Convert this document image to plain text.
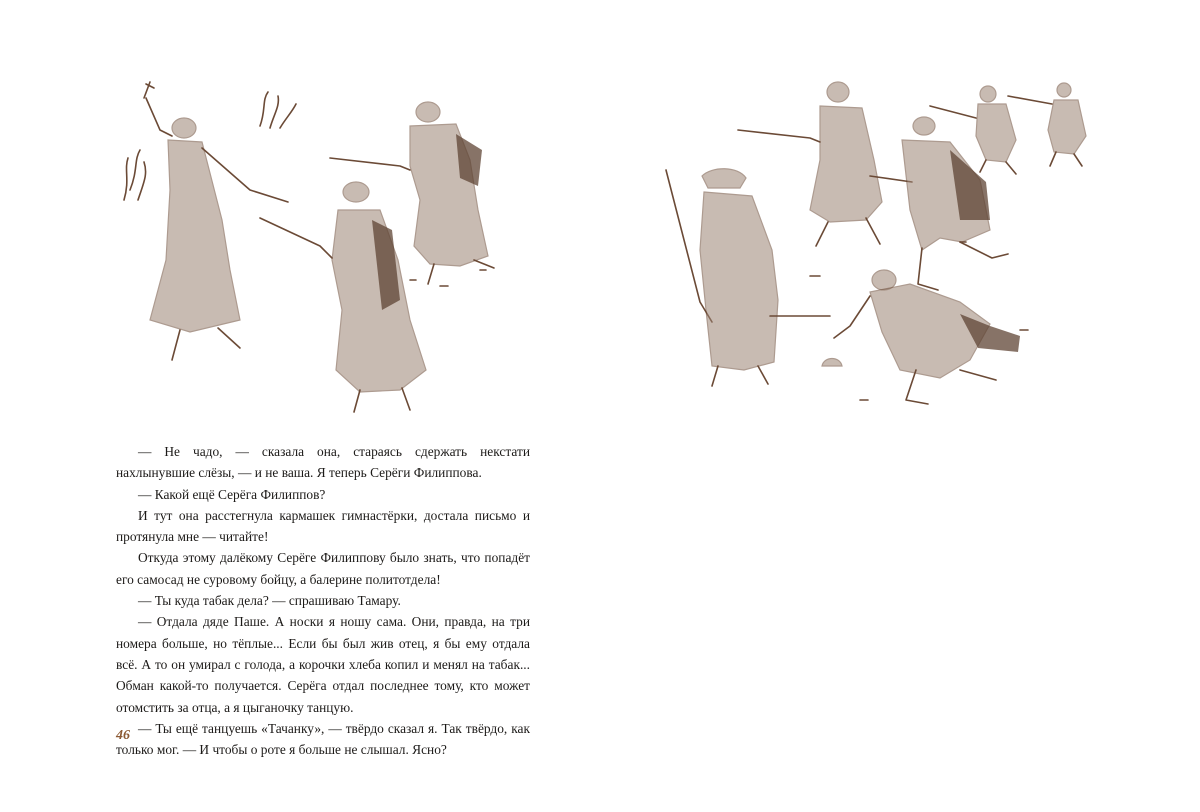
— Не чадо, — сказала она, стараясь сдержать некстати нахлынувшие слёзы, — и не ваша. Я теперь Серёги Филиппова.

— Какой ещё Серёга Филиппов?

И тут она расстегнула кармашек гимнастёрки, достала письмо и протянула мне — читайте!

Откуда этому далёкому Серёге Филиппову было знать, что попадёт его самосад не суровому бойцу, а балерине политотдела!

— Ты куда табак дела? — спрашиваю Тамару.

— Отдала дяде Паше. А носки я ношу сама. Они, правда, на три номера больше, но тёплые... Если бы был жив отец, я бы ему отдала всё. А то он умирал с голода, а корочки хлеба копил и менял на табак... Обман какой-то получается. Серёга отдал последнее тому, кто может отомстить за отца, а я цыганочку танцую.

— Ты ещё танцуешь «Тачанку», — твёрдо сказал я. Так твёрдо, как только мог. — И чтобы о роте я больше не слышал. Ясно?

46
